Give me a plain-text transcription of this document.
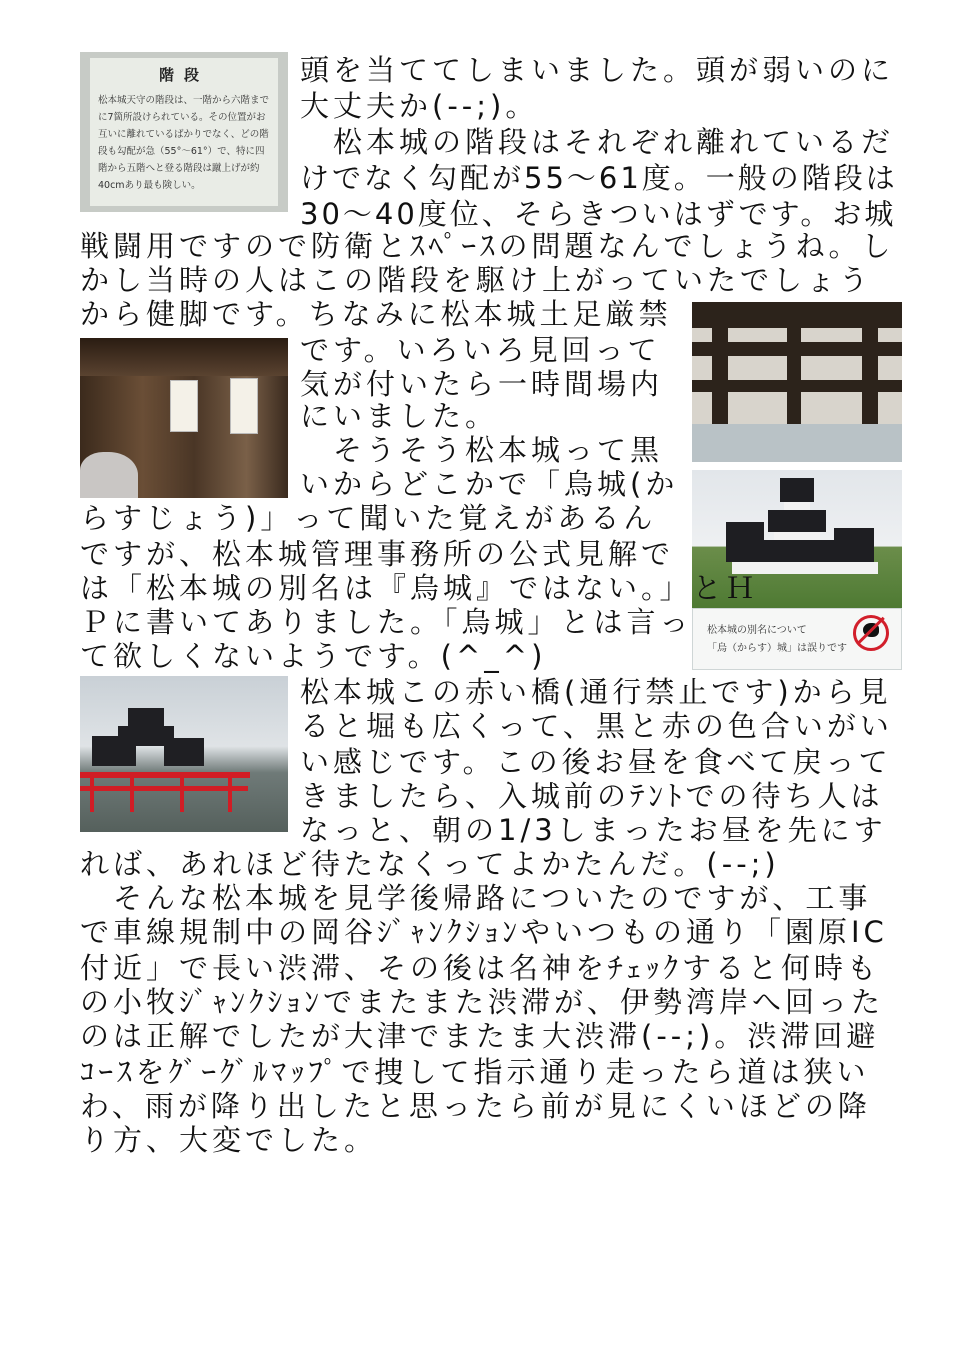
階段
松本城天守の階段は、一階から六階までに7箇所設けられている。その位置がお互いに離れているばかりでなく、どの階段も勾配が急（55°～61°）で、特に四階から五階へと登る階段は蹴上げが約40cmあり最も険しい。
松本城の別名について
「烏（からす）城」は誤りです
頭を当ててしまいました。頭が弱いのに
大丈夫か(--;)。
　松本城の階段はそれぞれ離れているだ
けでなく勾配が55～61度。一般の階段は
30～40度位、そらきついはずです。お城
戦闘用ですので防衛とｽﾍﾟｰｽの問題なんでしょうね。し
かし当時の人はこの階段を駆け上がっていたでしょう
から健脚です。ちなみに松本城土足厳禁
です。いろいろ見回って
気が付いたら一時間場内
にいました。
　そうそう松本城って黒
いからどこかで「烏城(か
らすじょう)」って聞いた覚えがあるん
ですが、松本城管理事務所の公式見解で
は「松本城の別名は『烏城』ではない。」とＨ
Ｐに書いてありました。「烏城」とは言っ
て欲しくないようです。(^_^)
松本城この赤い橋(通行禁止です)から見
ると堀も広くって、黒と赤の色合いがい
い感じです。この後お昼を食べて戻って
きましたら、入城前のﾃﾝﾄでの待ち人は
なっと、朝の1/3しまったお昼を先にす
れば、あれほど待たなくってよかたんだ。(--;)
　そんな松本城を見学後帰路についたのですが、工事
で車線規制中の岡谷ｼﾞｬﾝｸｼｮﾝやいつもの通り「園原IC
付近」で長い渋滞、その後は名神をﾁｪｯｸすると何時も
の小牧ｼﾞｬﾝｸｼｮﾝでまたまた渋滞が、伊勢湾岸へ回った
のは正解でしたが大津でまたま大渋滞(--;)。渋滞回避
ｺｰｽをｸﾞｰｸﾞﾙﾏｯﾌﾟで捜して指示通り走ったら道は狭い
わ、雨が降り出したと思ったら前が見にくいほどの降
り方、大変でした。
